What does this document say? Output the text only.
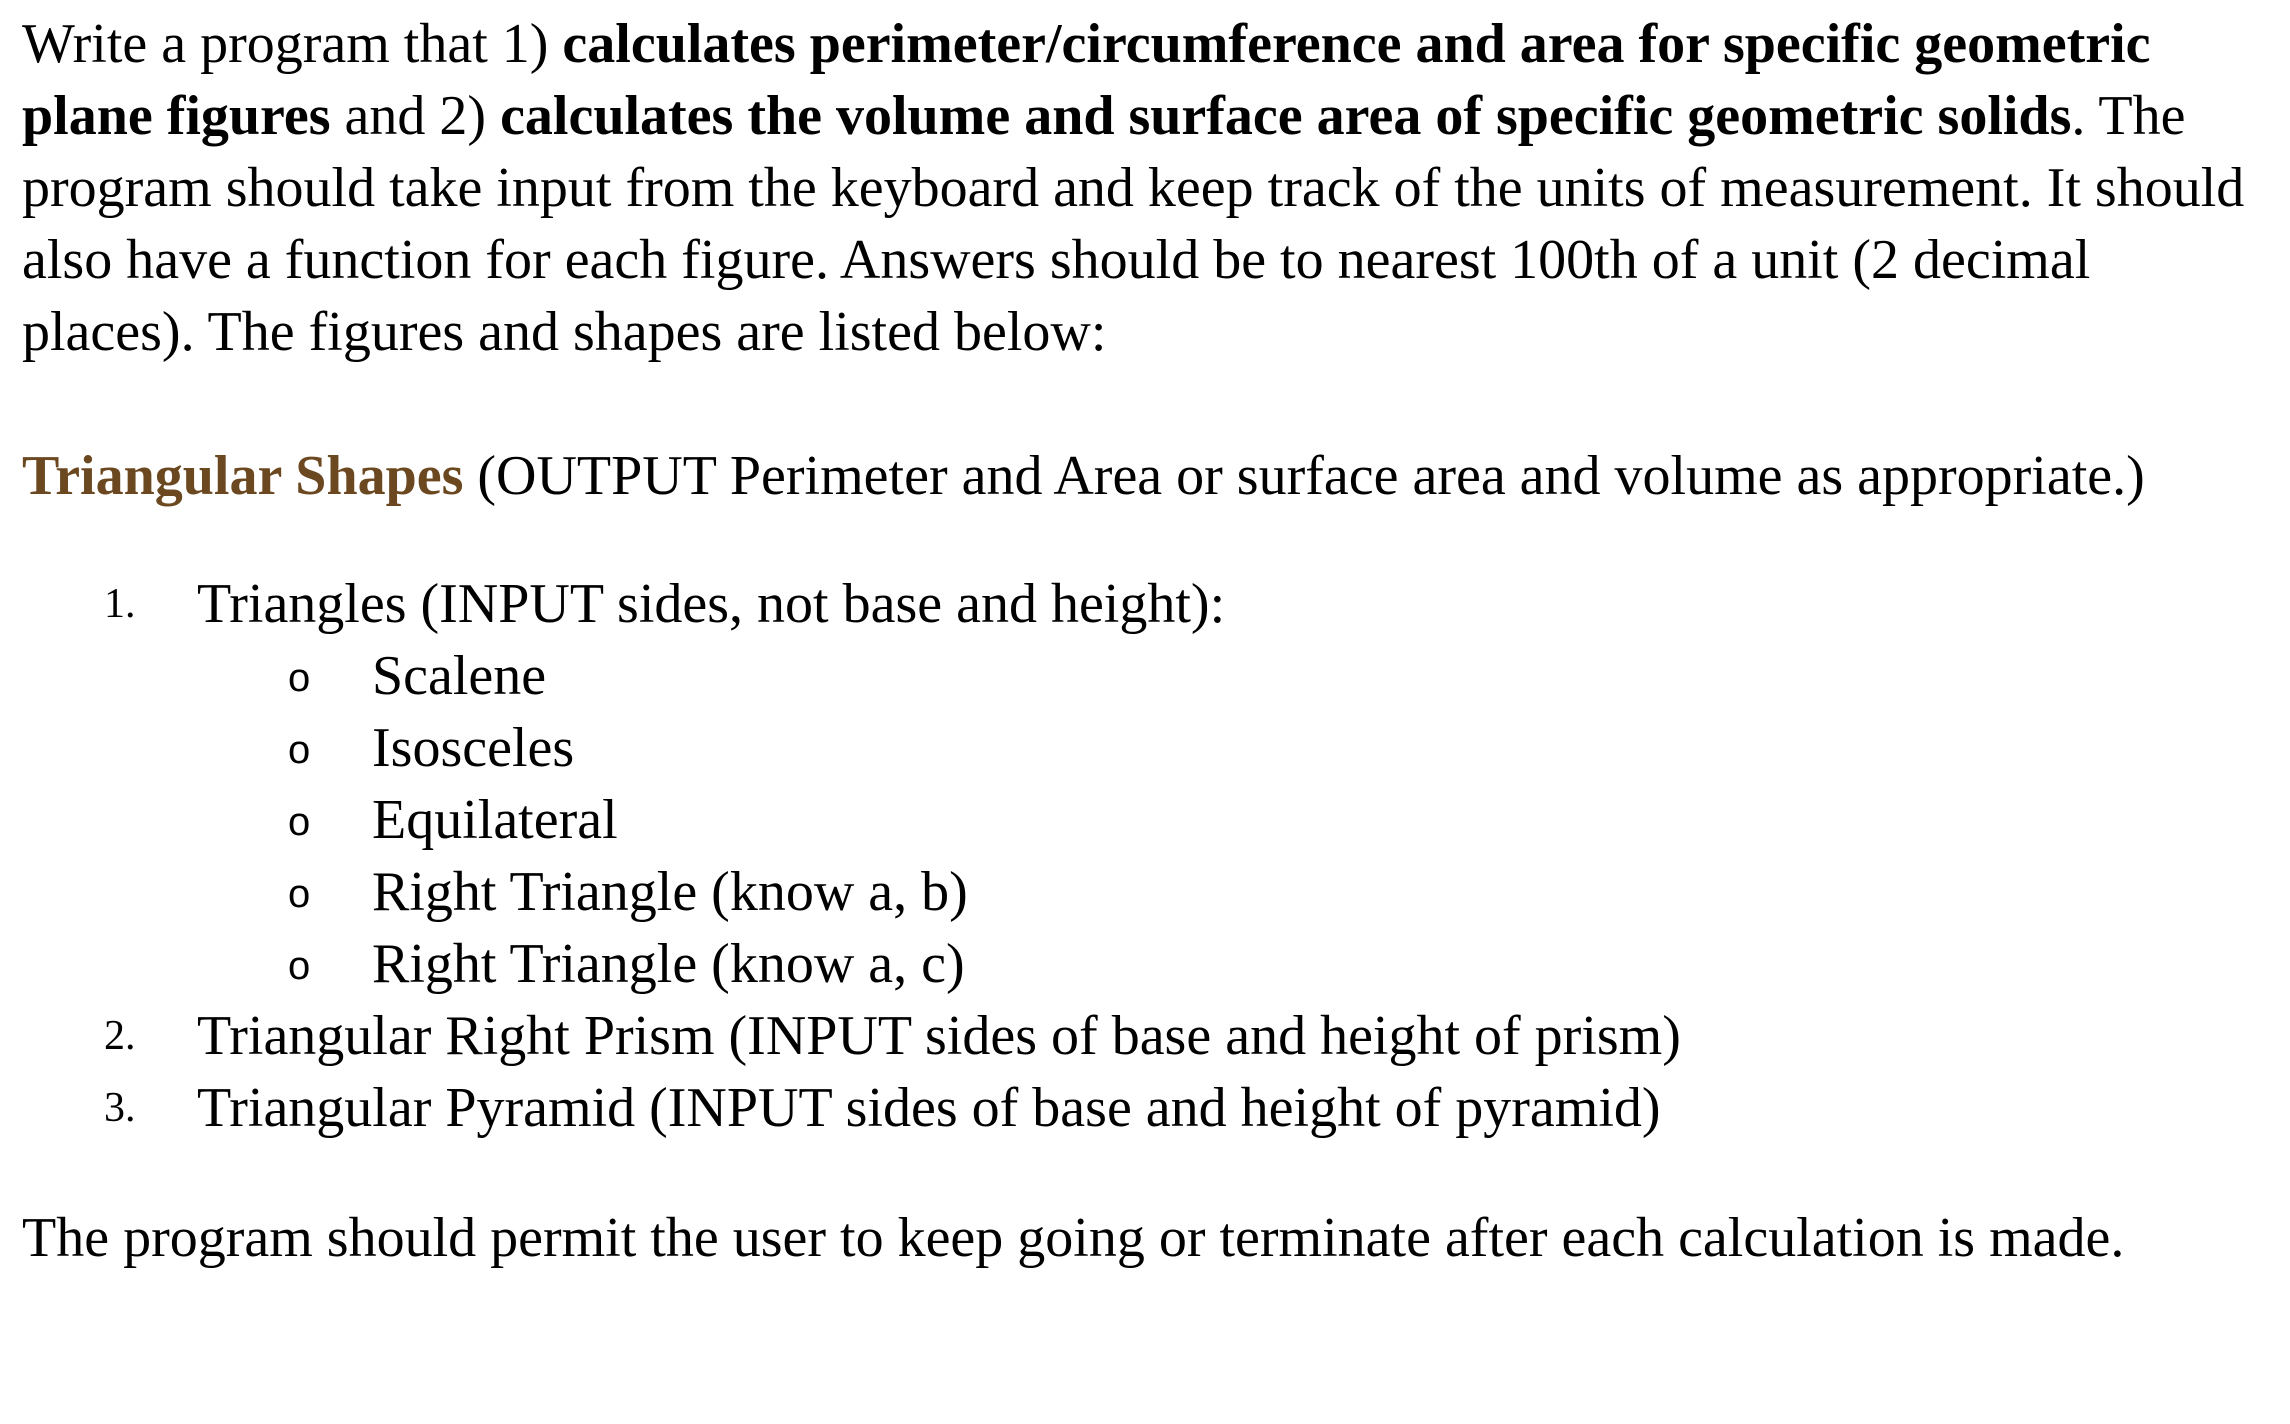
Write a program that 1) calculates perimeter/circumference and area for specific geometric plane figures and 2) calculates the volume and surface area of specific geometric solids. The program should take input from the keyboard and keep track of the units of measurement. It should also have a function for each figure. Answers should be to nearest 100th of a unit (2 decimal places). The figures and shapes are listed below:

Triangular Shapes (OUTPUT Perimeter and Area or surface area and volume as appropriate.)

1. Triangles (INPUT sides, not base and height):
o Scalene
o Isosceles
o Equilateral
o Right Triangle (know a, b)
o Right Triangle (know a, c)
2. Triangular Right Prism (INPUT sides of base and height of prism)
3. Triangular Pyramid (INPUT sides of base and height of pyramid)

The program should permit the user to keep going or terminate after each calculation is made.
